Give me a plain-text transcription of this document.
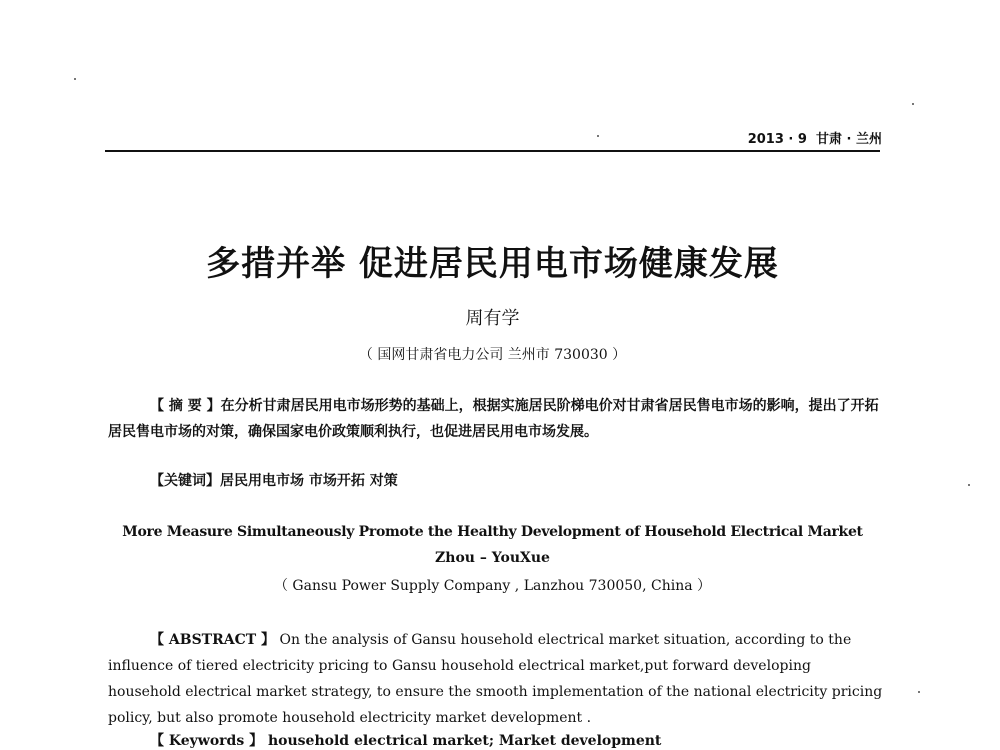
2013 · 9 甘肃 · 兰州
多措并举 促进居民用电市场健康发展
周有学
（ 国网甘肃省电力公司 兰州市 730030 ）
【 摘 要 】在分析甘肃居民用电市场形势的基础上，根据实施居民阶梯电价对甘肃省居民售电市场的影响，提出了开拓居民售电市场的对策，确保国家电价政策顺利执行，也促进居民用电市场发展。
【关键词】居民用电市场 市场开拓 对策
More Measure Simultaneously Promote the Healthy Development of Household Electrical Market
Zhou – YouXue
（ Gansu Power Supply Company , Lanzhou 730050, China ）
【 ABSTRACT 】 On the analysis of Gansu household electrical market situation, according to the influence of tiered electricity pricing to Gansu household electrical market,put forward developing household electrical market strategy, to ensure the smooth implementation of the national electricity pricing policy, but also promote household electricity market development .
【 Keywords 】 household electrical market; Market development
